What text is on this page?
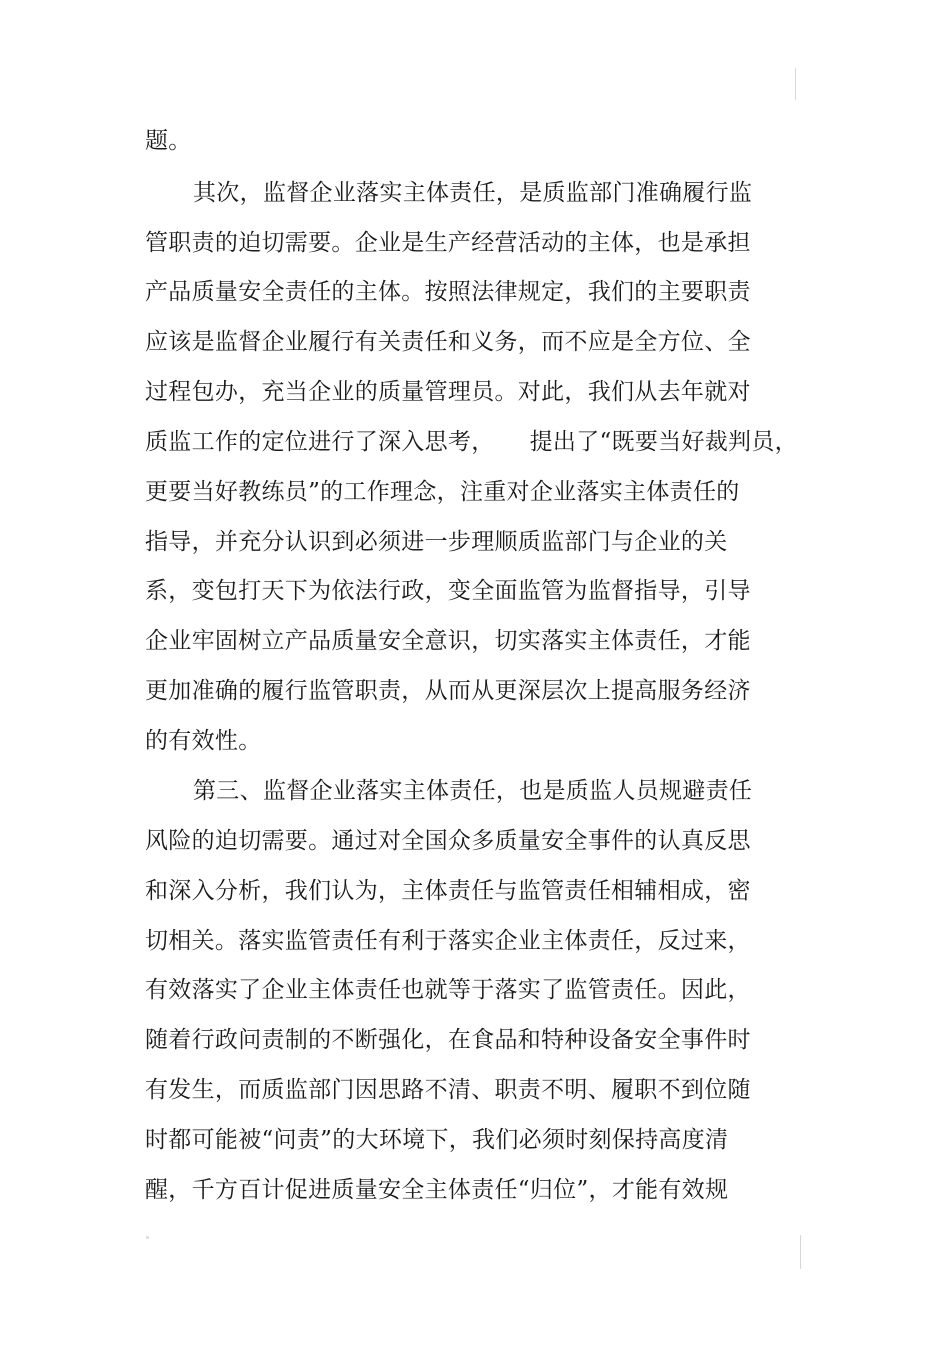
题。
其次，监督企业落实主体责任，是质监部门准确履行监
管职责的迫切需要。企业是生产经营活动的主体，也是承担
产品质量安全责任的主体。按照法律规定，我们的主要职责
应该是监督企业履行有关责任和义务，而不应是全方位、全
过程包办，充当企业的质量管理员。对此，我们从去年就对
质监工作的定位进行了深入思考，　　提出了“既要当好裁判员，
更要当好教练员”的工作理念，注重对企业落实主体责任的
指导，并充分认识到必须进一步理顺质监部门与企业的关
系，变包打天下为依法行政，变全面监管为监督指导，引导
企业牢固树立产品质量安全意识，切实落实主体责任，才能
更加准确的履行监管职责，从而从更深层次上提高服务经济
的有效性。
第三、监督企业落实主体责任，也是质监人员规避责任
风险的迫切需要。通过对全国众多质量安全事件的认真反思
和深入分析，我们认为，主体责任与监管责任相辅相成，密
切相关。落实监管责任有利于落实企业主体责任，反过来，
有效落实了企业主体责任也就等于落实了监管责任。因此，
随着行政问责制的不断强化，在食品和特种设备安全事件时
有发生，而质监部门因思路不清、职责不明、履职不到位随
时都可能被“问责”的大环境下，我们必须时刻保持高度清
醒，千方百计促进质量安全主体责任“归位”，才能有效规
